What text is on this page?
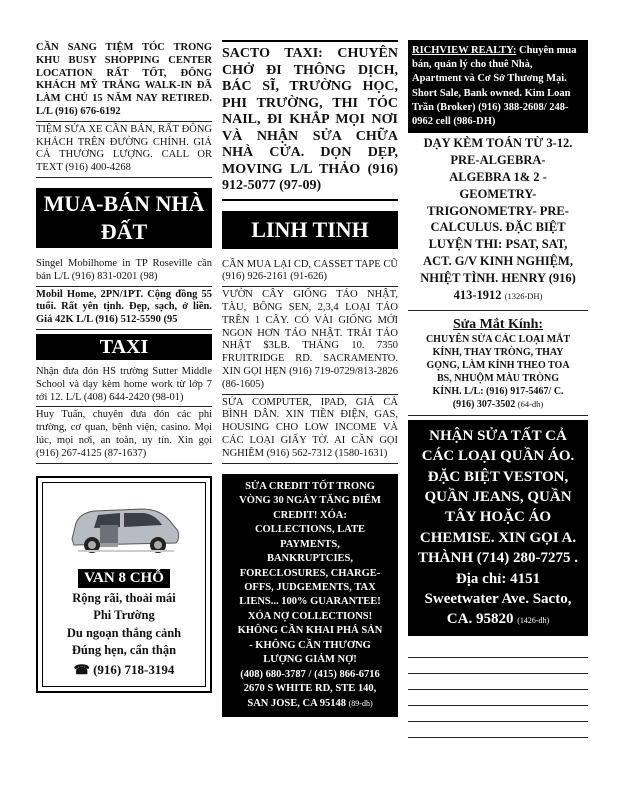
CẦN SANG TIỆM TÓC TRONG KHU BUSY SHOPPING CENTER LOCATION RẤT TỐT, ĐÔNG KHÁCH MỸ TRẮNG WALK-IN ĐÃ LÀM CHỦ 15 NĂM NAY RETIRED. L/L (916) 676-6192
TIỆM SỬA XE CẦN BÁN, RẤT ĐÔNG KHÁCH TRÊN ĐƯỜNG CHÍNH. GIÁ CẢ THƯƠNG LƯỢNG. CALL OR TEXT (916) 400-4268
MUA-BÁN NHÀ ĐẤT
Singel Mobilhome in TP Roseville cần bán L/L (916) 831-0201 (98)
Mobil Home, 2PN/1PT. Cộng đồng 55 tuổi. Rất yên tịnh. Đẹp, sạch, ở liền. Giá 42K L/L (916) 512-5590 (95
TAXI
Nhận đưa đón HS trường Sutter Middle School và dạy kèm home work từ lớp 7 tới 12. L/L (408) 644-2420 (98-01)
Huy Tuấn, chuyên đưa đón các phi trường, cơ quan, bệnh viện, casino. Mọi lúc, mọi nơi, an toàn, uy tín. Xin gọi (916) 267-4125 (87-1637)
VAN 8 CHỖ
Rộng rãi, thoải mái
Phi Trường
Du ngoạn thắng cảnh
Đúng hẹn, cẩn thận
☎ (916) 718-3194
SACTO TAXI: CHUYÊN CHỞ ĐI THÔNG DỊCH, BÁC SĨ, TRƯỜNG HỌC, PHI TRƯỜNG, THI TÓC NAIL, ĐI KHẮP MỌI NƠI VÀ NHẬN SỬA CHỮA NHÀ CỬA. DỌN DẸP, MOVING L/L THẢO (916) 912-5077 (97-09)
LINH TINH
CẦN MUA LẠI CD, CASSET TAPE CŨ (916) 926-2161 (91-626)
VƯỜN CÂY GIỐNG TÁO NHẬT, TÀU, BÔNG SEN, 2,3,4 LOẠI TÁO TRÊN 1 CÂY. CÓ VÀI GIỐNG MỚI NGON HƠN TÁO NHẬT. TRÁI TÁO NHẬT $3LB. THÁNG 10. 7350 FRUITRIDGE RD. SACRAMENTO. XIN GỌI HẸN (916) 719-0729/813-2826 (86-1605)
SỬA COMPUTER, IPAD, GIÁ CẢ BÌNH DÂN. XIN TIỀN ĐIỆN, GAS, HOUSING CHO LOW INCOME VÀ CÁC LOẠI GIẤY TỜ. AI CẦN GỌI NGHIÊM (916) 562-7312 (1580-1631)
SỬA CREDIT TỐT TRONG
VÒNG 30 NGÀY TĂNG ĐIỂM
CREDIT! XÓA:
COLLECTIONS, LATE
PAYMENTS,
BANKRUPTCIES,
FORECLOSURES, CHARGE-
OFFS, JUDGEMENTS, TAX
LIENS... 100% GUARANTEE!
XÓA NỢ COLLECTIONS!
KHÔNG CẦN KHAI PHÁ SẢN
- KHÔNG CẦN THƯƠNG
LƯỢNG GIẢM NỢ!
(408) 680-3787 / (415) 866-6716
2670 S WHITE RD, STE 140,
SAN JOSE, CA 95148 (89-dh)
RICHVIEW REALTY: Chuyên mua bán, quản lý cho thuê Nhà, Apartment và Cơ Sở Thương Mại. Short Sale, Bank owned. Kim Loan Trần (Broker) (916) 388-2608/ 248-0962 cell (986-DH)
DẠY KÈM TOÁN TỪ 3-12.
PRE-ALGEBRA-
ALGEBRA 1& 2 -
GEOMETRY-
TRIGONOMETRY- PRE-
CALCULUS. ĐẶC BIỆT
LUYỆN THI: PSAT, SAT,
ACT. G/V KINH NGHIỆM,
NHIỆT TÌNH. HENRY (916)
413-1912 (1326-DH)
Sửa Mắt Kính:
CHUYÊN SỬA CÁC LOẠI MẮT
KÍNH, THAY TRÒNG, THAY
GỌNG, LÀM KÍNH THEO TOA
BS, NHUỘM MÀU TRÒNG
KÍNH. L/L: (916) 917-5467/ C.
(916) 307-3502 (64-dh)
NHẬN SỬA TẤT CẢ
CÁC LOẠI QUẦN ÁO.
ĐẶC BIỆT VESTON,
QUẦN JEANS, QUẦN
TÂY HOẶC ÁO
CHEMISE. XIN GỌI A.
THÀNH (714) 280-7275 .
Địa chỉ: 4151
Sweetwater Ave. Sacto,
CA. 95820 (1426-dh)
